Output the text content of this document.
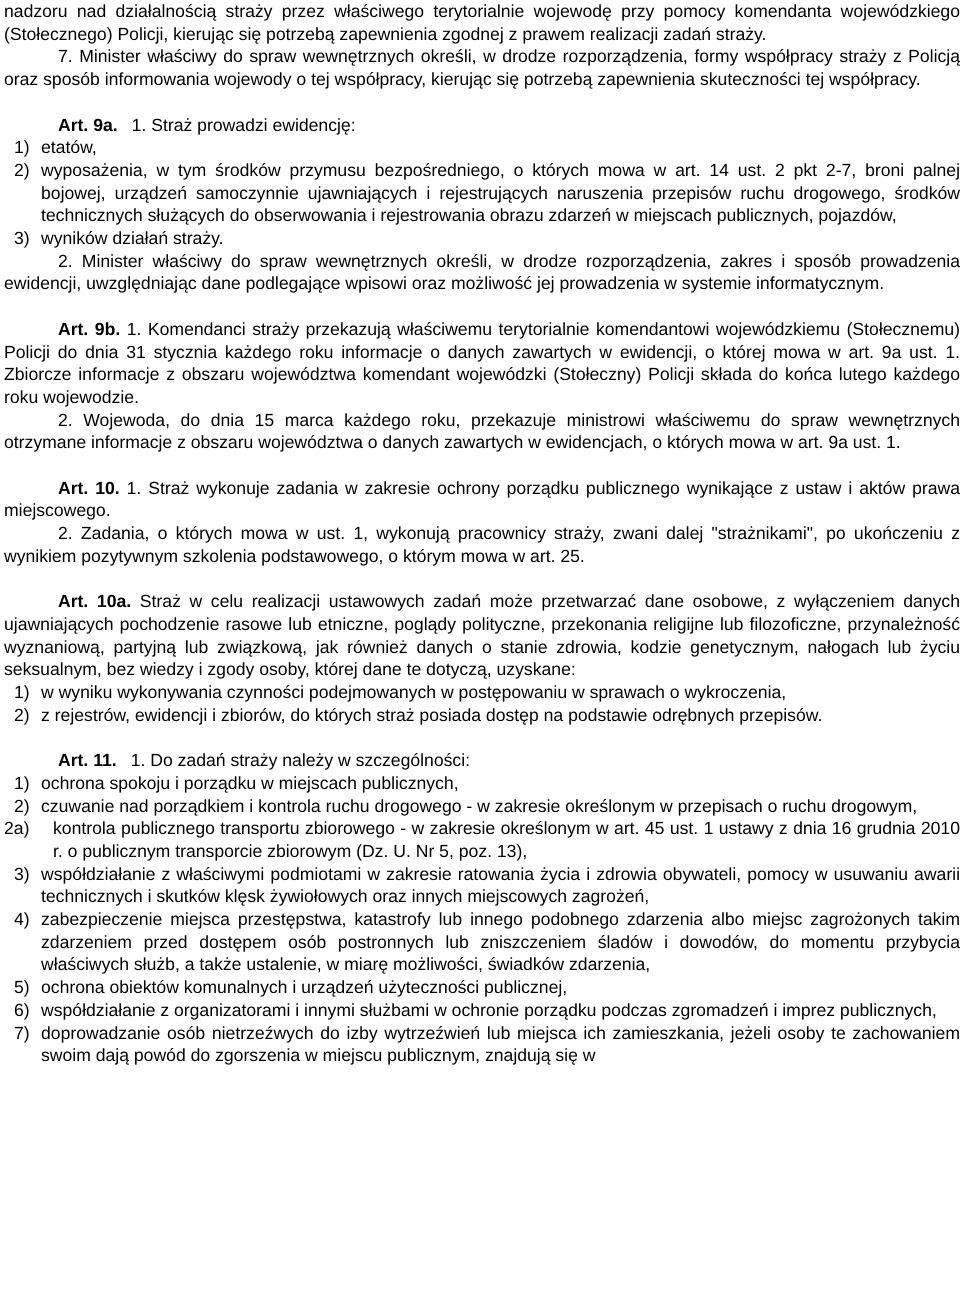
nadzoru nad działalnością straży przez właściwego terytorialnie wojewodę przy pomocy komendanta wojewódzkiego (Stołecznego) Policji, kierując się potrzebą zapewnienia zgodnej z prawem realizacji zadań straży.

7. Minister właściwy do spraw wewnętrznych określi, w drodze rozporządzenia, formy współpracy straży z Policją oraz sposób informowania wojewody o tej współpracy, kierując się potrzebą zapewnienia skuteczności tej współpracy.

Art. 9a. 1. Straż prowadzi ewidencję:

1) etatów,
2) wyposażenia, w tym środków przymusu bezpośredniego, o których mowa w art. 14 ust. 2 pkt 2-7, broni palnej bojowej, urządzeń samoczynnie ujawniających i rejestrujących naruszenia przepisów ruchu drogowego, środków technicznych służących do obserwowania i rejestrowania obrazu zdarzeń w miejscach publicznych, pojazdów,
3) wyników działań straży.

2. Minister właściwy do spraw wewnętrznych określi, w drodze rozporządzenia, zakres i sposób prowadzenia ewidencji, uwzględniając dane podlegające wpisowi oraz możliwość jej prowadzenia w systemie informatycznym.

Art. 9b. 1. Komendanci straży przekazują właściwemu terytorialnie komendantowi wojewódzkiemu (Stołecznemu) Policji do dnia 31 stycznia każdego roku informacje o danych zawartych w ewidencji, o której mowa w art. 9a ust. 1. Zbiorcze informacje z obszaru województwa komendant wojewódzki (Stołeczny) Policji składa do końca lutego każdego roku wojewodzie.

2. Wojewoda, do dnia 15 marca każdego roku, przekazuje ministrowi właściwemu do spraw wewnętrznych otrzymane informacje z obszaru województwa o danych zawartych w ewidencjach, o których mowa w art. 9a ust. 1.

Art. 10. 1. Straż wykonuje zadania w zakresie ochrony porządku publicznego wynikające z ustaw i aktów prawa miejscowego.

2. Zadania, o których mowa w ust. 1, wykonują pracownicy straży, zwani dalej "strażnikami", po ukończeniu z wynikiem pozytywnym szkolenia podstawowego, o którym mowa w art. 25.

Art. 10a. Straż w celu realizacji ustawowych zadań może przetwarzać dane osobowe, z wyłączeniem danych ujawniających pochodzenie rasowe lub etniczne, poglądy polityczne, przekonania religijne lub filozoficzne, przynależność wyznaniową, partyjną lub związkową, jak również danych o stanie zdrowia, kodzie genetycznym, nałogach lub życiu seksualnym, bez wiedzy i zgody osoby, której dane te dotyczą, uzyskane:

1) w wyniku wykonywania czynności podejmowanych w postępowaniu w sprawach o wykroczenia,
2) z rejestrów, ewidencji i zbiorów, do których straż posiada dostęp na podstawie odrębnych przepisów.

Art. 11. 1. Do zadań straży należy w szczególności:

1) ochrona spokoju i porządku w miejscach publicznych,
2) czuwanie nad porządkiem i kontrola ruchu drogowego - w zakresie określonym w przepisach o ruchu drogowym,
2a) kontrola publicznego transportu zbiorowego - w zakresie określonym w art. 45 ust. 1 ustawy z dnia 16 grudnia 2010 r. o publicznym transporcie zbiorowym (Dz. U. Nr 5, poz. 13),
3) współdziałanie z właściwymi podmiotami w zakresie ratowania życia i zdrowia obywateli, pomocy w usuwaniu awarii technicznych i skutków klęsk żywiołowych oraz innych miejscowych zagrożeń,
4) zabezpieczenie miejsca przestępstwa, katastrofy lub innego podobnego zdarzenia albo miejsc zagrożonych takim zdarzeniem przed dostępem osób postronnych lub zniszczeniem śladów i dowodów, do momentu przybycia właściwych służb, a także ustalenie, w miarę możliwości, świadków zdarzenia,
5) ochrona obiektów komunalnych i urządzeń użyteczności publicznej,
6) współdziałanie z organizatorami i innymi służbami w ochronie porządku podczas zgromadzeń i imprez publicznych,
7) doprowadzanie osób nietrzeźwych do izby wytrzeźwień lub miejsca ich zamieszkania, jeżeli osoby te zachowaniem swoim dają powód do zgorszenia w miejscu publicznym, znajdują się w
